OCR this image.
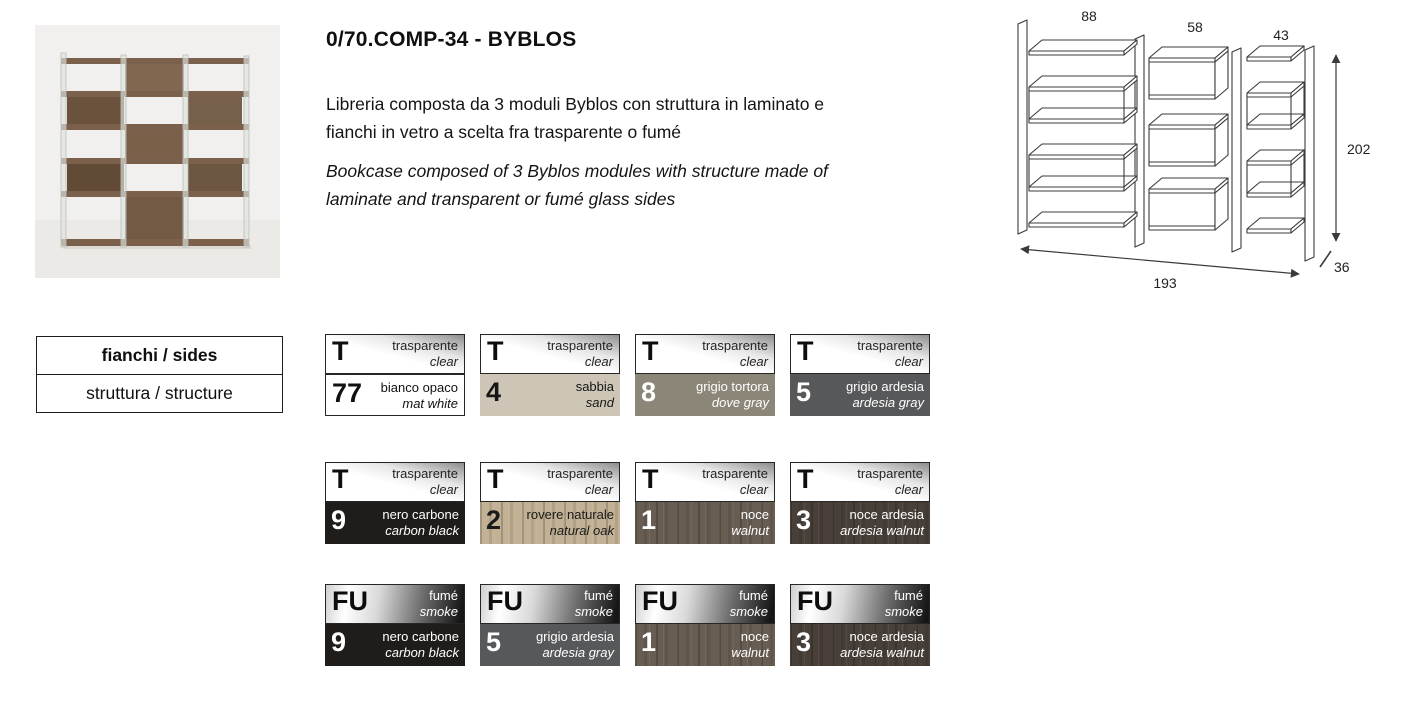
0/70.COMP-34 - BYBLOS
Libreria composta da 3 moduli Byblos con struttura in laminato e fianchi in vetro a scelta fra trasparente o fumé
Bookcase composed of 3 Byblos modules with structure made of laminate and transparent or fumé glass sides
88
58	43
202
193
36
fianchi / sides
struttura / structure
T	trasparente
clear
77 bianco opaco
mat white
T	trasparente
clear
4	sabbia
sand
T	trasparente
clear
8	grigio tortora
dove gray
T	trasparente
clear
5	grigio ardesia
ardesia gray
T	trasparente
clear
9	nero carbone
carbon black
T	trasparente
clear
2 rovere naturale
natural oak
T	trasparente
clear
1	noce
walnut
T	trasparente
clear
3	noce ardesia
ardesia walnut
FU	fumé
smoke
9	nero carbone
carbon black
FU	fumé
smoke
5	grigio ardesia
ardesia gray
FU	fumé
smoke
1	noce
walnut
FU	fumé
smoke
3	noce ardesia
ardesia walnut
